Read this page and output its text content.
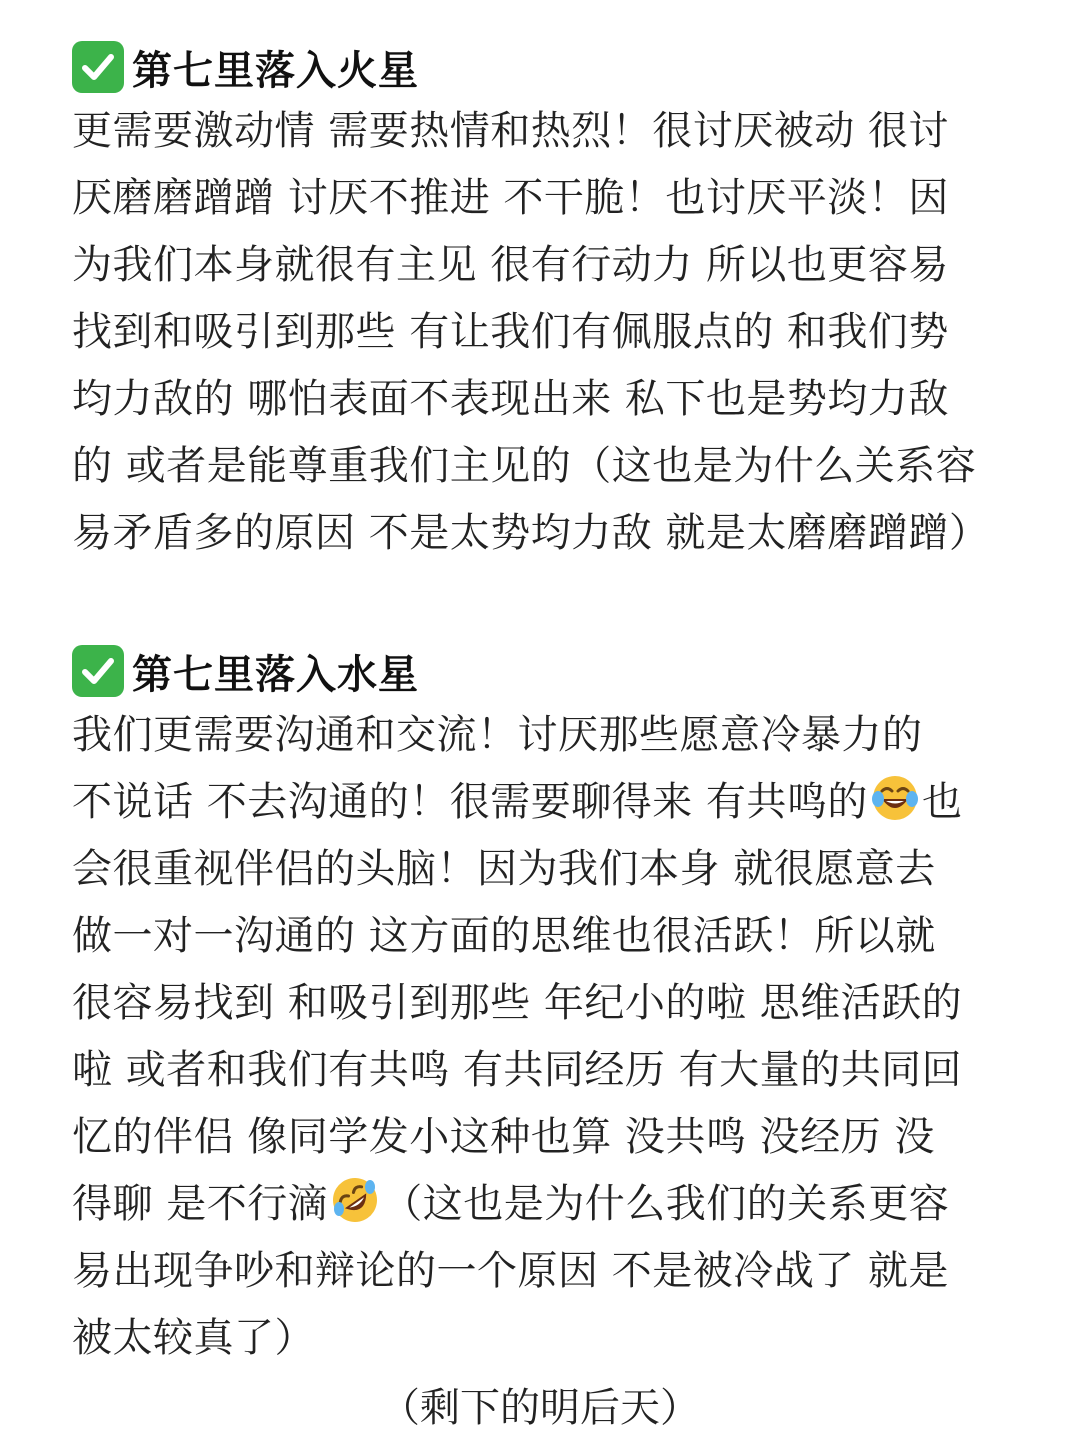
第七里落入火星
更需要激动情 需要热情和热烈！很讨厌被动 很讨
厌磨磨蹭蹭 讨厌不推进 不干脆！也讨厌平淡！因
为我们本身就很有主见 很有行动力 所以也更容易
找到和吸引到那些 有让我们有佩服点的 和我们势
均力敌的 哪怕表面不表现出来 私下也是势均力敌
的 或者是能尊重我们主见的（这也是为什么关系容
易矛盾多的原因 不是太势均力敌 就是太磨磨蹭蹭）
第七里落入水星
我们更需要沟通和交流！讨厌那些愿意冷暴力的
不说话 不去沟通的！很需要聊得来 有共鸣的 也
会很重视伴侣的头脑！因为我们本身 就很愿意去
做一对一沟通的 这方面的思维也很活跃！所以就
很容易找到 和吸引到那些 年纪小的啦 思维活跃的
啦 或者和我们有共鸣 有共同经历 有大量的共同回
忆的伴侣 像同学发小这种也算 没共鸣 没经历 没
得聊 是不行滴 （这也是为什么我们的关系更容
易出现争吵和辩论的一个原因 不是被冷战了 就是
被太较真了）
（剩下的明后天）
